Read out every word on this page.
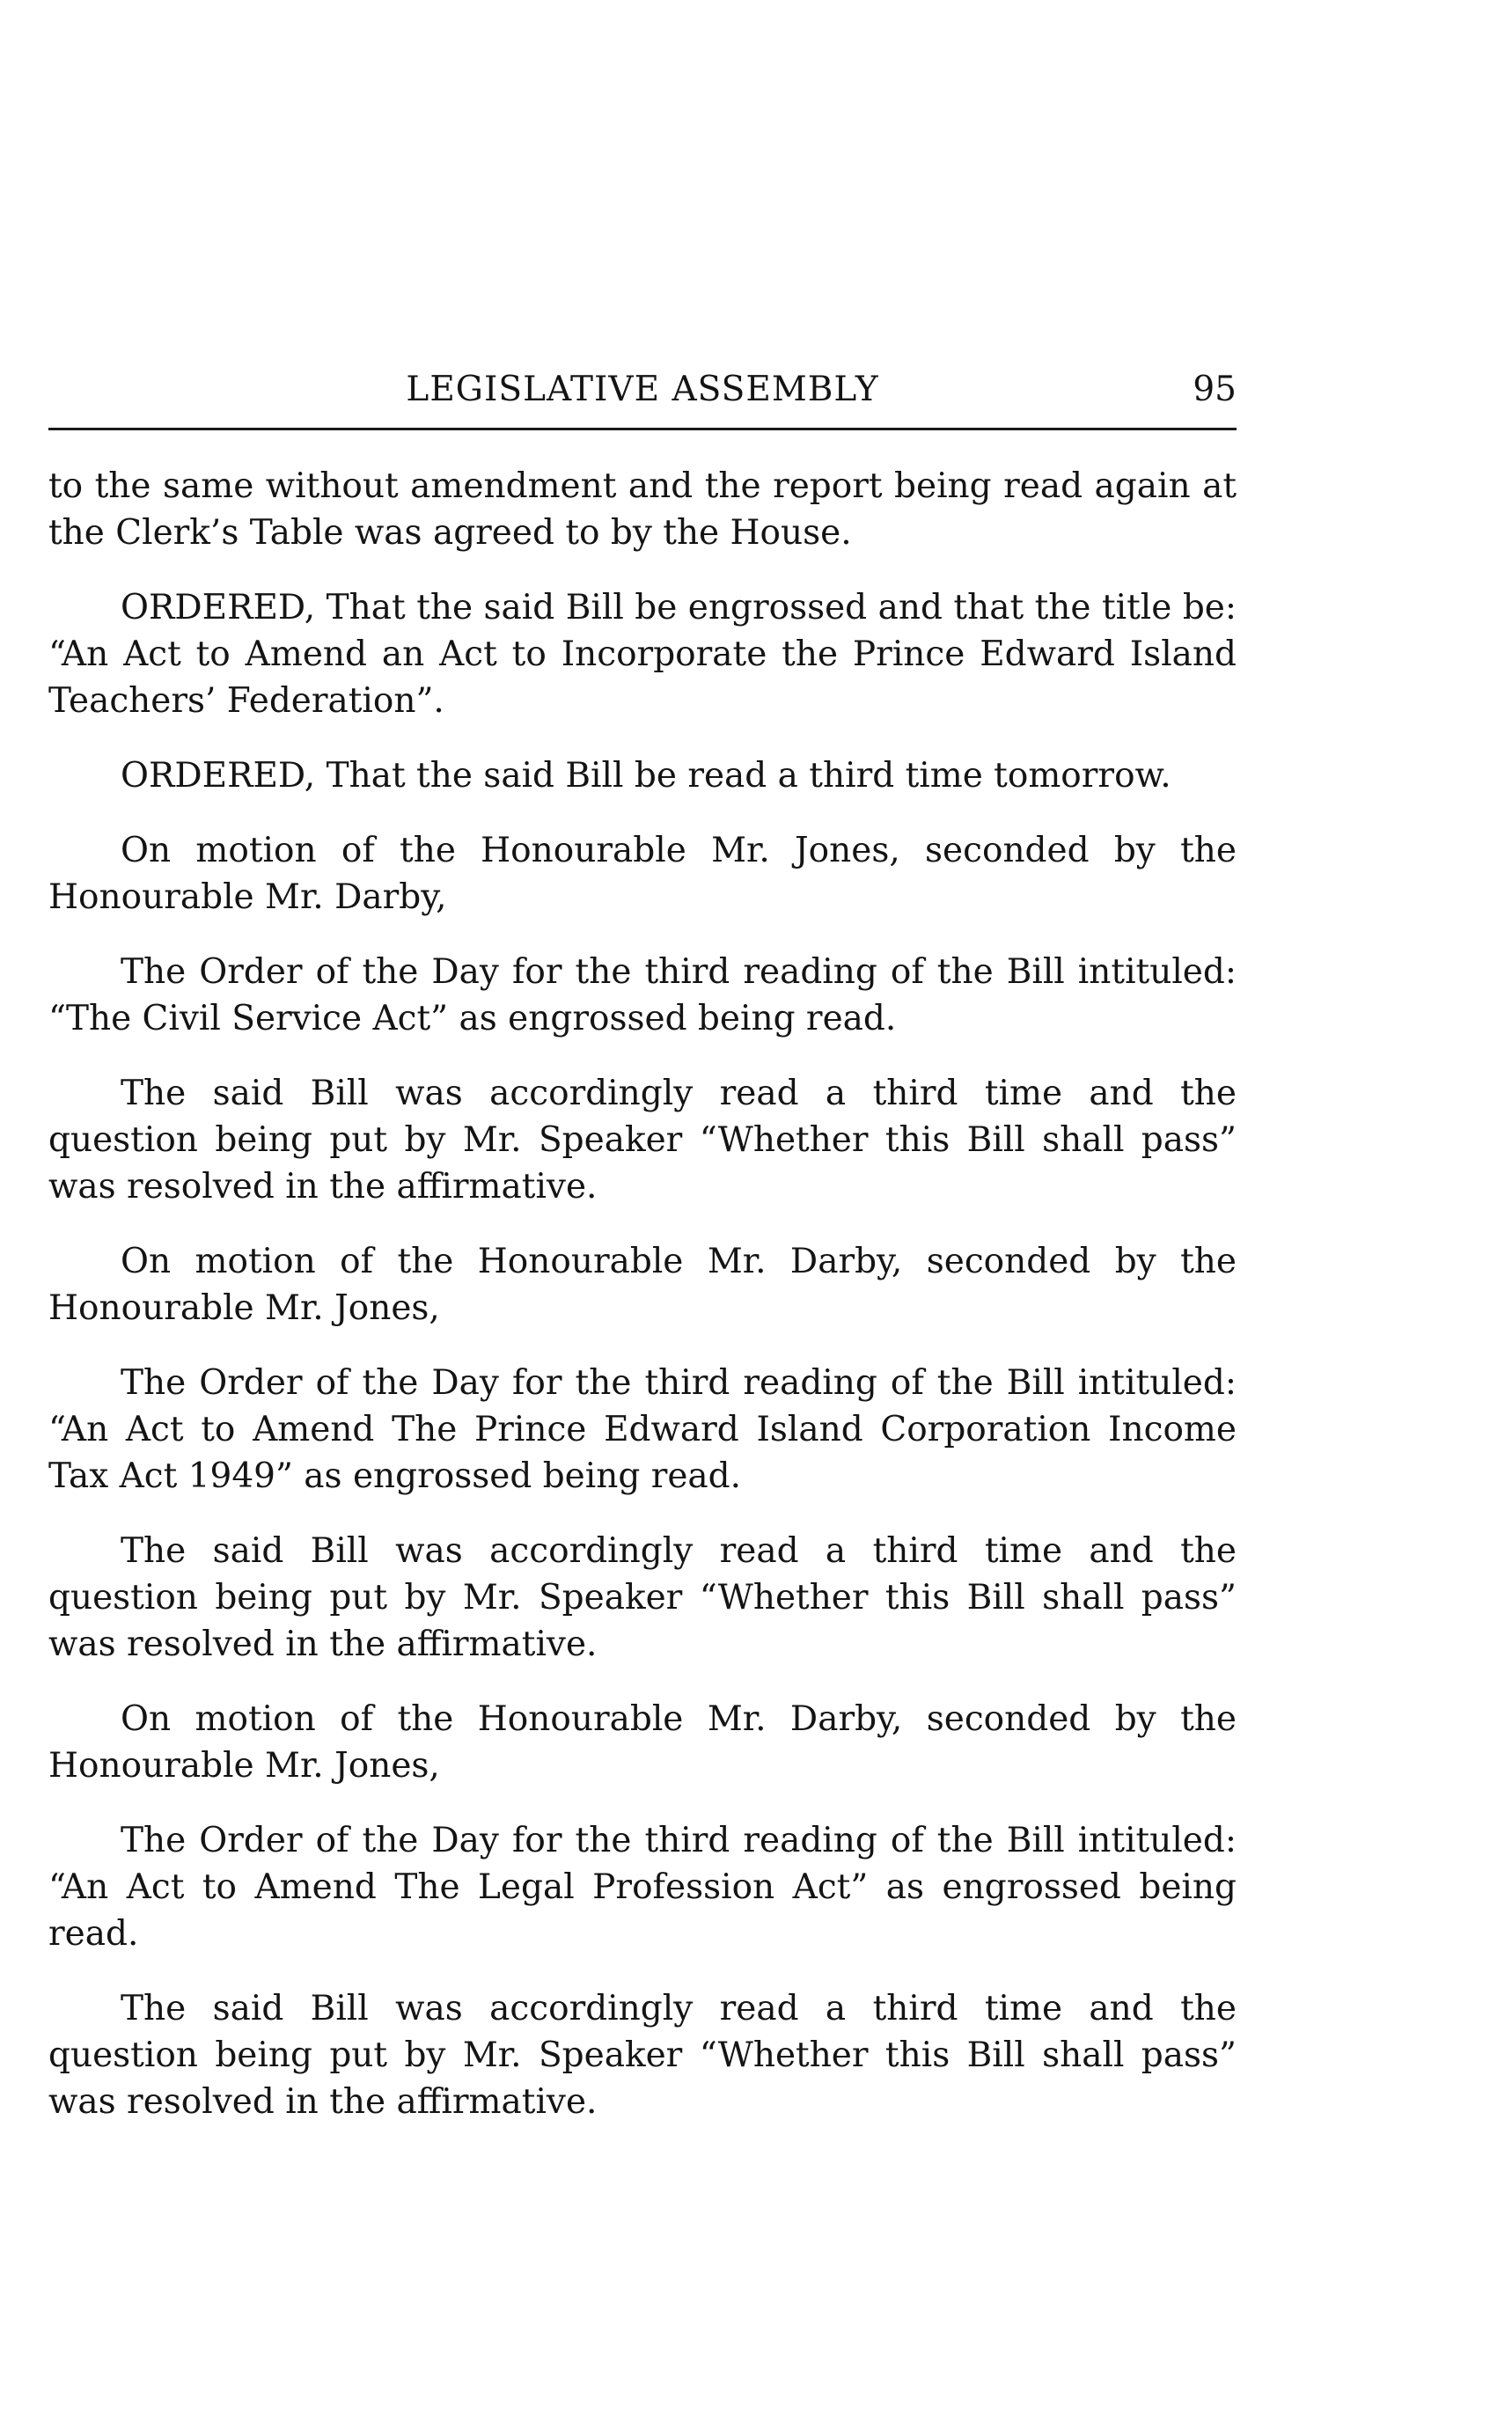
LEGISLATIVE ASSEMBLY	95

to the same without amendment and the report being read again at the Clerk’s Table was agreed to by the House.

ORDERED, That the said Bill be engrossed and that the title be: “An Act to Amend an Act to Incorporate the Prince Edward Island Teachers’ Federation”.

ORDERED, That the said Bill be read a third time tomorrow.

On motion of the Honourable Mr. Jones, seconded by the Honourable Mr. Darby,

The Order of the Day for the third reading of the Bill intituled: “The Civil Service Act” as engrossed being read.

The said Bill was accordingly read a third time and the question being put by Mr. Speaker “Whether this Bill shall pass” was resolved in the affirmative.

On motion of the Honourable Mr. Darby, seconded by the Honourable Mr. Jones,

The Order of the Day for the third reading of the Bill intituled: “An Act to Amend The Prince Edward Island Corporation Income Tax Act 1949” as engrossed being read.

The said Bill was accordingly read a third time and the question being put by Mr. Speaker “Whether this Bill shall pass” was resolved in the affirmative.

On motion of the Honourable Mr. Darby, seconded by the Honourable Mr. Jones,

The Order of the Day for the third reading of the Bill intituled: “An Act to Amend The Legal Profession Act” as engrossed being read.

The said Bill was accordingly read a third time and the question being put by Mr. Speaker “Whether this Bill shall pass” was resolved in the affirmative.
